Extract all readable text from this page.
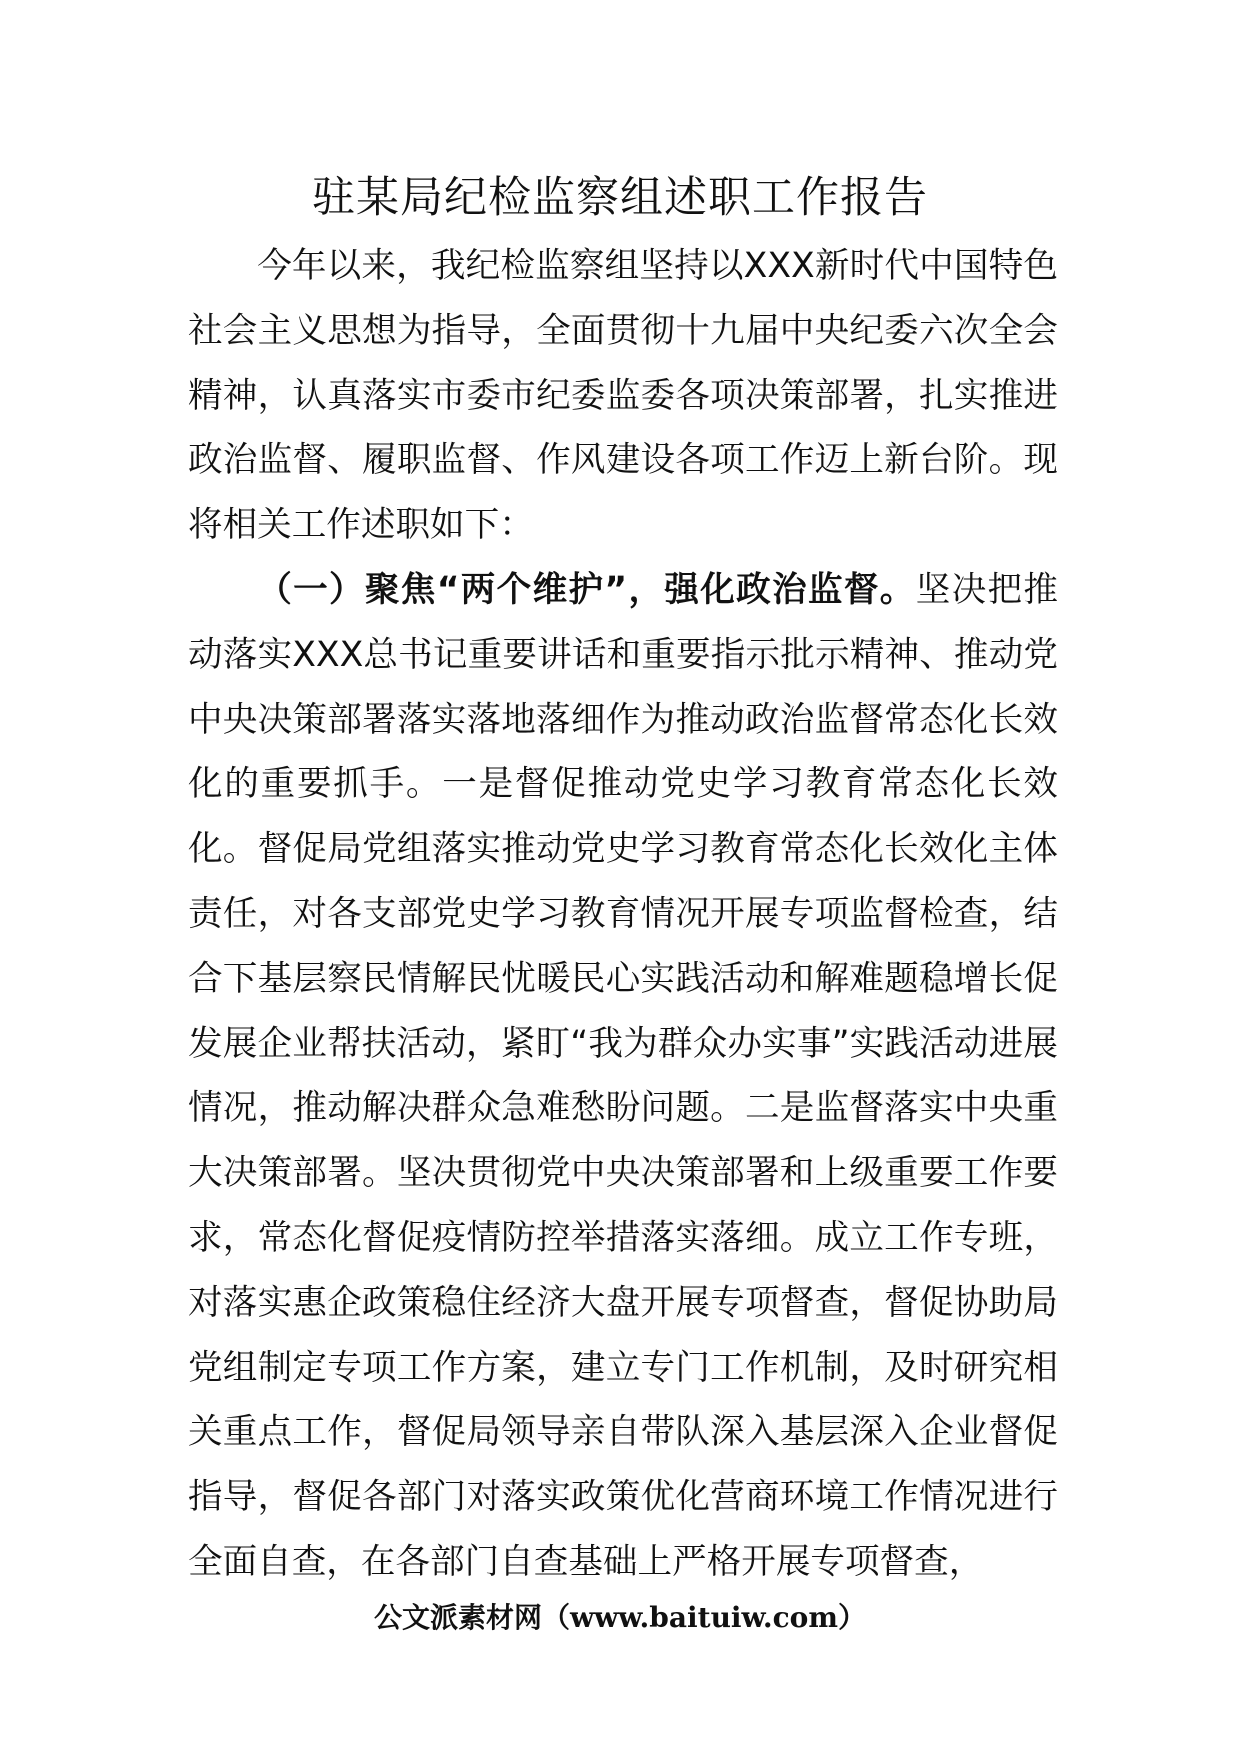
驻某局纪检监察组述职工作报告

今年以来，我纪检监察组坚持以XXX新时代中国特色社会主义思想为指导，全面贯彻十九届中央纪委六次全会精神，认真落实市委市纪委监委各项决策部署，扎实推进政治监督、履职监督、作风建设各项工作迈上新台阶。现将相关工作述职如下：

（一）聚焦“两个维护”，强化政治监督。坚决把推动落实XXX总书记重要讲话和重要指示批示精神、推动党中央决策部署落实落地落细作为推动政治监督常态化长效化的重要抓手。一是督促推动党史学习教育常态化长效化。督促局党组落实推动党史学习教育常态化长效化主体责任，对各支部党史学习教育情况开展专项监督检查，结合下基层察民情解民忧暖民心实践活动和解难题稳增长促发展企业帮扶活动，紧盯“我为群众办实事”实践活动进展情况，推动解决群众急难愁盼问题。二是监督落实中央重大决策部署。坚决贯彻党中央决策部署和上级重要工作要求，常态化督促疫情防控举措落实落细。成立工作专班，对落实惠企政策稳住经济大盘开展专项督查，督促协助局党组制定专项工作方案，建立专门工作机制，及时研究相关重点工作，督促局领导亲自带队深入基层深入企业督促指导，督促各部门对落实政策优化营商环境工作情况进行全面自查，在各部门自查基础上严格开展专项督查，

公文派素材网（www.baituiw.com）
